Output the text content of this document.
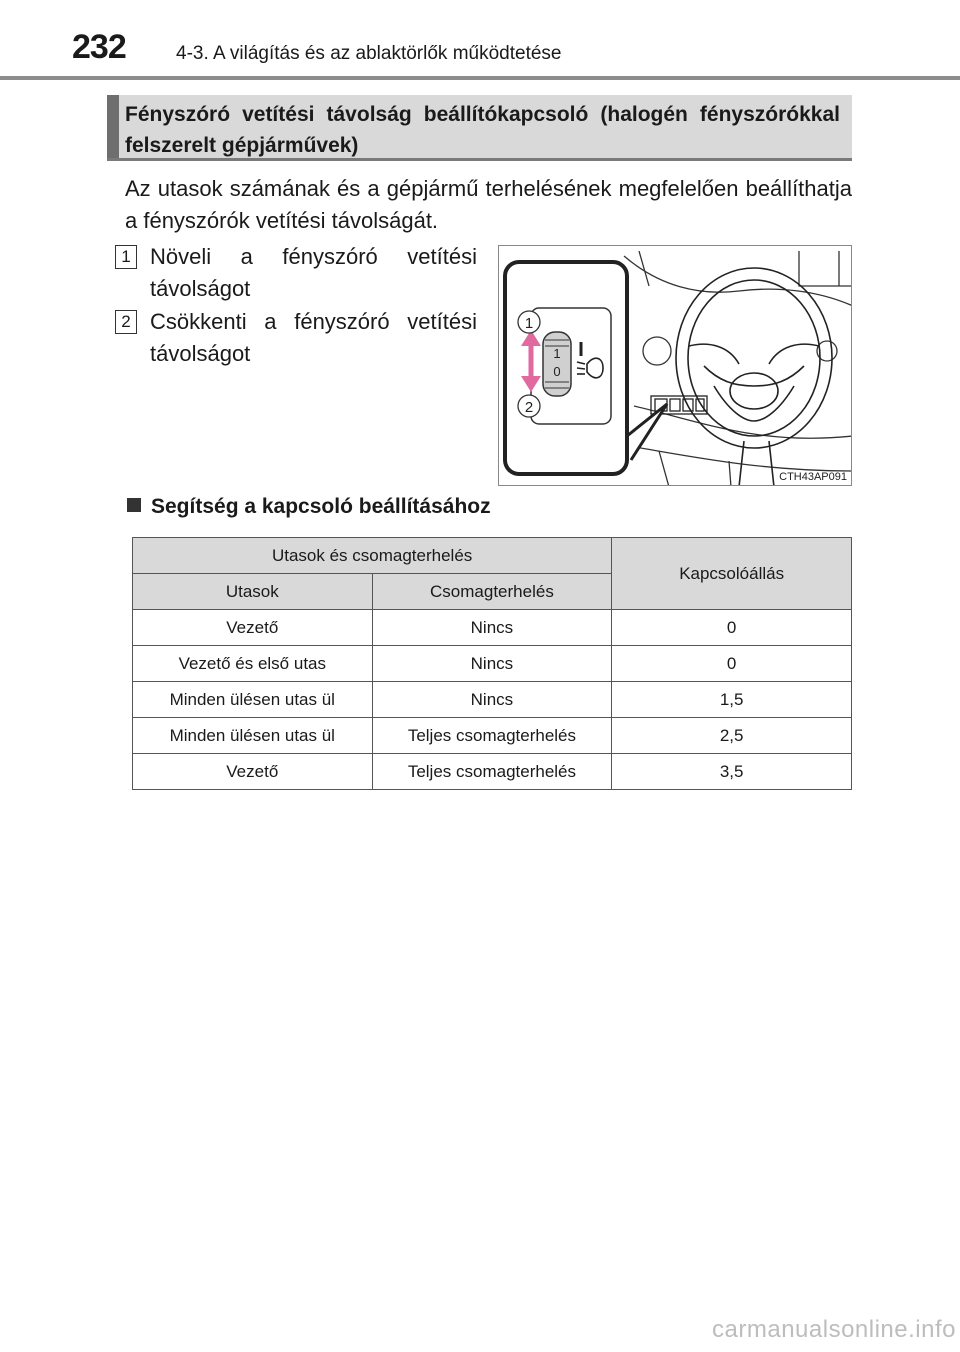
232	4-3. A világítás és az ablaktörlők működtetése
Fényszóró vetítési távolság beállítókapcsoló (halogén fényszórókkal felszerelt gépjárművek)
Az utasok számának és a gépjármű terhelésének megfelelően beállíthatja a fényszórók vetítési távolságát.
1 Növeli a fényszóró vetítési távolságot
2 Csökkenti a fényszóró vetítési távolságot	1
0
1
2
CTH43AP091
Segítség a kapcsoló beállításához
Utasok és csomagterhelés		Kapcsolóállás
Utasok	Csomagterhelés	
Vezető	Nincs	0
Vezető és első utas	Nincs	0
Minden ülésen utas ül	Nincs	1,5
Minden ülésen utas ül	Teljes csomagterhelés	2,5
Vezető	Teljes csomagterhelés	3,5
carmanualsonline.info
